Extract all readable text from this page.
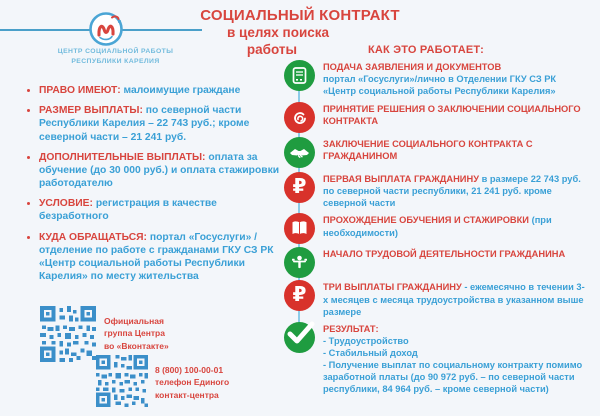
ЦЕНТР СОЦИАЛЬНОЙ РАБОТЫ
РЕСПУБЛИКИ КАРЕЛИЯ
СОЦИАЛЬНЫЙ КОНТРАКТ
в целях поиска
работы	КАК ЭТО РАБОТАЕТ:
ПРАВО ИМЕЮТ: малоимущие граждане
РАЗМЕР ВЫПЛАТЫ: по северной части Республики Карелия – 22 743 руб.; кроме северной части – 21 241 руб.
ДОПОЛНИТЕЛЬНЫЕ ВЫПЛАТЫ: оплата за обучение (до 30 000 руб.) и оплата стажировки работодателю
УСЛОВИЕ: регистрация в качестве безработного
КУДА ОБРАЩАТЬСЯ: портал «Госуслуги» / отделение по работе с гражданами ГКУ СЗ РК «Центр социальной работы Республики Карелия» по месту жительства
Официальная
группа Центра
во «Вконтакте»
8 (800) 100-00-01
телефон Единого
контакт-центра
ПОДАЧА ЗАЯВЛЕНИЯ И ДОКУМЕНТОВ
портал «Госуслуги»/лично в Отделении ГКУ СЗ РК «Центр социальной работы Республики Карелия»
ПРИНЯТИЕ РЕШЕНИЯ О ЗАКЛЮЧЕНИИ СОЦИАЛЬНОГО КОНТРАКТА
ЗАКЛЮЧЕНИЕ СОЦИАЛЬНОГО КОНТРАКТА С ГРАЖДАНИНОМ
₽ ПЕРВАЯ ВЫПЛАТА ГРАЖДАНИНУ в размере 22 743 руб. по северной части республики, 21 241 руб. кроме северной части
ПРОХОЖДЕНИЕ ОБУЧЕНИЯ И СТАЖИРОВКИ (при необходимости)
НАЧАЛО ТРУДОВОЙ ДЕЯТЕЛЬНОСТИ ГРАЖДАНИНА
₽ ТРИ ВЫПЛАТЫ ГРАЖДАНИНУ - ежемесячно в течении 3-х месяцев с месяца трудоустройства в указанном выше размере
РЕЗУЛЬТАТ:
- Трудоустройство
- Стабильный доход
- Получение выплат по социальному контракту помимо заработной платы (до 90 972 руб. – по северной части республики, 84 964 руб. – кроме северной части)
